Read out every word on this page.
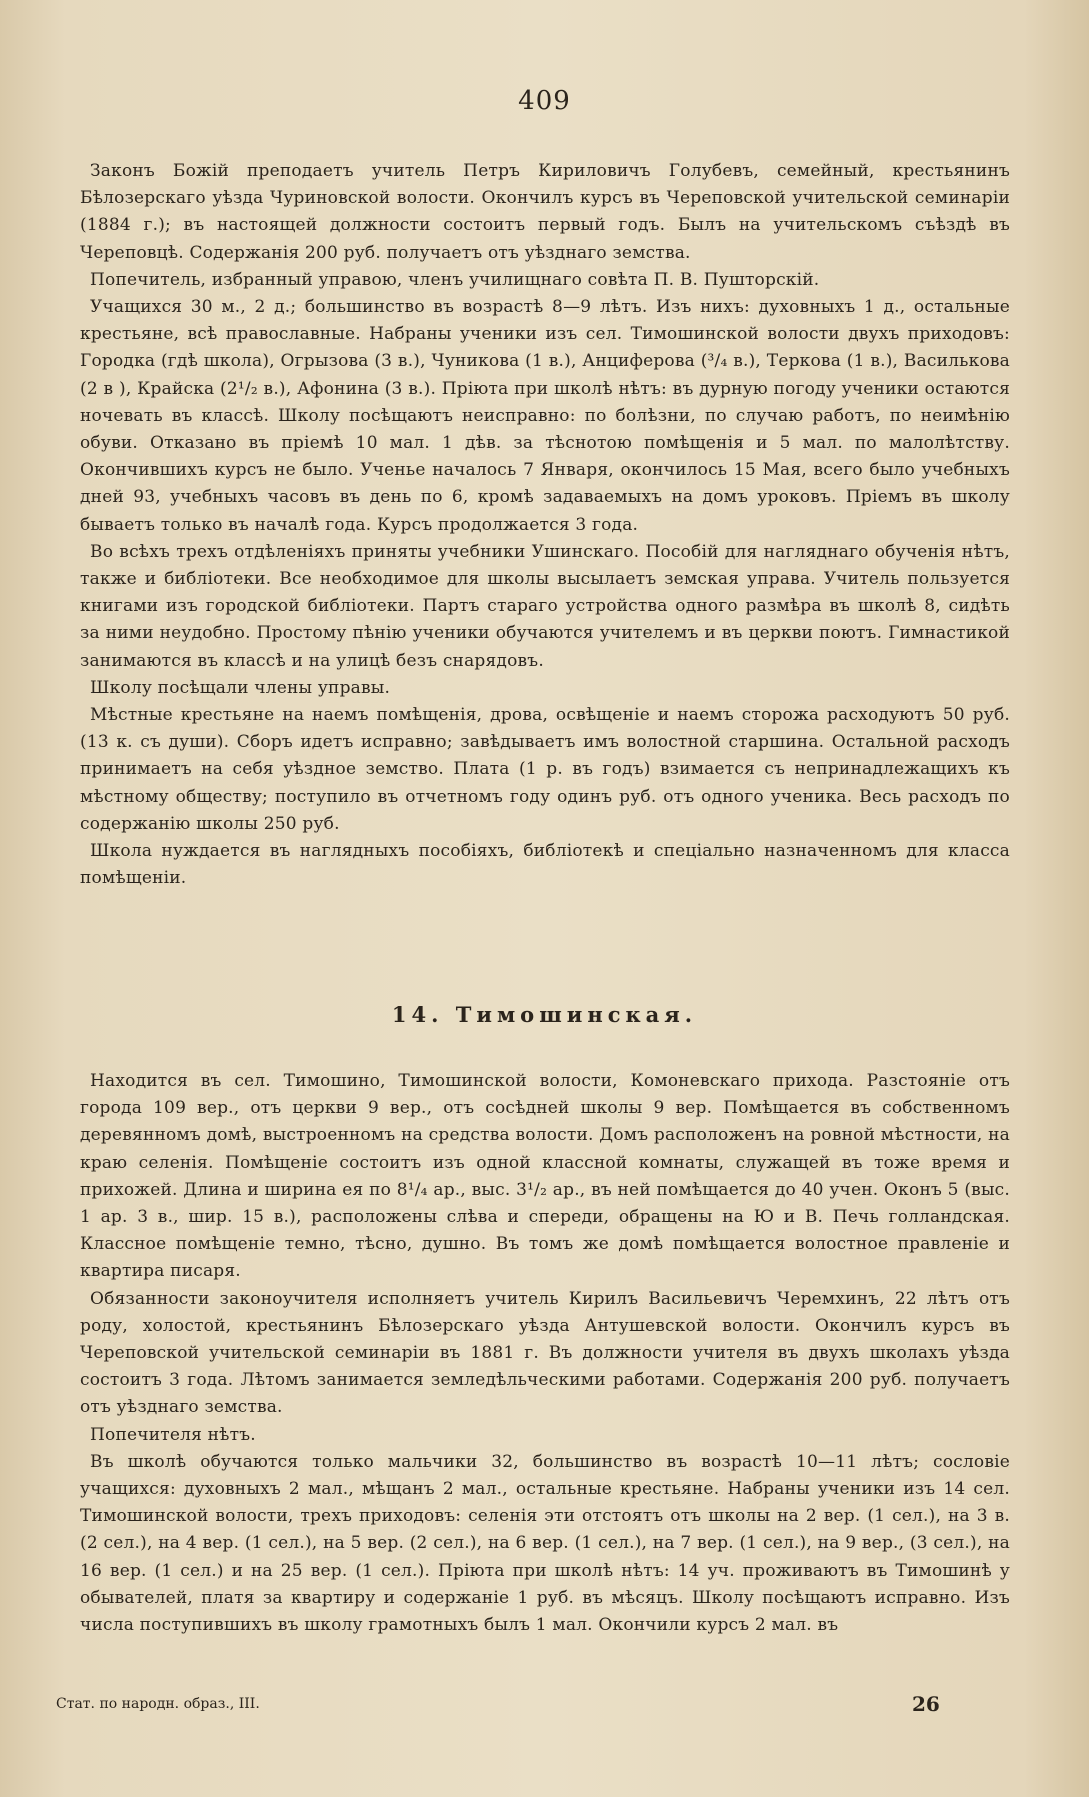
409

Законъ Божій преподаетъ учитель Петръ Кириловичъ Голубевъ, семейный, крестьянинъ Бѣлозерскаго уѣзда Чуриновской волости. Окончилъ курсъ въ Череповской учительской семинаріи (1884 г.); въ настоящей должности состоитъ первый годъ. Былъ на учительскомъ съѣздѣ въ Череповцѣ. Содержанія 200 руб. получаетъ отъ уѣзднаго земства.

Попечитель, избранный управою, членъ училищнаго совѣта П. В. Пушторскій.

Учащихся 30 м., 2 д.; большинство въ возрастѣ 8—9 лѣтъ. Изъ нихъ: духовныхъ 1 д., остальные крестьяне, всѣ православные. Набраны ученики изъ сел. Тимошинской волости двухъ приходовъ: Городка (гдѣ школа), Огрызова (3 в.), Чуникова (1 в.), Анциферова (³/₄ в.), Теркова (1 в.), Василькова (2 в ), Крайска (2¹/₂ в.), Афонина (3 в.). Пріюта при школѣ нѣтъ: въ дурную погоду ученики остаются ночевать въ классѣ. Школу посѣщаютъ неисправно: по болѣзни, по случаю работъ, по неимѣнію обуви. Отказано въ пріемѣ 10 мал. 1 дѣв. за тѣснотою помѣщенія и 5 мал. по малолѣтству. Окончившихъ курсъ не было. Ученье началось 7 Января, окончилось 15 Мая, всего было учебныхъ дней 93, учебныхъ часовъ въ день по 6, кромѣ задаваемыхъ на домъ уроковъ. Пріемъ въ школу бываетъ только въ началѣ года. Курсъ продолжается 3 года.

Во всѣхъ трехъ отдѣленіяхъ приняты учебники Ушинскаго. Пособій для нагляднаго обученія нѣтъ, также и библіотеки. Все необходимое для школы высылаетъ земская управа. Учитель пользуется книгами изъ городской библіотеки. Партъ стараго устройства одного размѣра въ школѣ 8, сидѣть за ними неудобно. Простому пѣнію ученики обучаются учителемъ и въ церкви поютъ. Гимнастикой занимаются въ классѣ и на улицѣ безъ снарядовъ.

Школу посѣщали члены управы.

Мѣстные крестьяне на наемъ помѣщенія, дрова, освѣщеніе и наемъ сторожа расходуютъ 50 руб. (13 к. съ души). Сборъ идетъ исправно; завѣдываетъ имъ волостной старшина. Остальной расходъ принимаетъ на себя уѣздное земство. Плата (1 р. въ годъ) взимается съ непринадлежащихъ къ мѣстному обществу; поступило въ отчетномъ году одинъ руб. отъ одного ученика. Весь расходъ по содержанію школы 250 руб.

Школа нуждается въ наглядныхъ пособіяхъ, библіотекѣ и спеціально назначенномъ для класса помѣщеніи.

14. Тимошинская.

Находится въ сел. Тимошино, Тимошинской волости, Комоневскаго прихода. Разстояніе отъ города 109 вер., отъ церкви 9 вер., отъ сосѣдней школы 9 вер. Помѣщается въ собственномъ деревянномъ домѣ, выстроенномъ на средства волости. Домъ расположенъ на ровной мѣстности, на краю селенія. Помѣщеніе состоитъ изъ одной классной комнаты, служащей въ тоже время и прихожей. Длина и ширина ея по 8¹/₄ ар., выс. 3¹/₂ ар., въ ней помѣщается до 40 учен. Оконъ 5 (выс. 1 ар. 3 в., шир. 15 в.), расположены слѣва и спереди, обращены на Ю и В. Печь голландская. Классное помѣщеніе темно, тѣсно, душно. Въ томъ же домѣ помѣщается волостное правленіе и квартира писаря.

Обязанности законоучителя исполняетъ учитель Кирилъ Васильевичъ Черемхинъ, 22 лѣтъ отъ роду, холостой, крестьянинъ Бѣлозерскаго уѣзда Антушевской волости. Окончилъ курсъ въ Череповской учительской семинаріи въ 1881 г. Въ должности учителя въ двухъ школахъ уѣзда состоитъ 3 года. Лѣтомъ занимается земледѣльческими работами. Содержанія 200 руб. получаетъ отъ уѣзднаго земства.

Попечителя нѣтъ.

Въ школѣ обучаются только мальчики 32, большинство въ возрастѣ 10—11 лѣтъ; сословіе учащихся: духовныхъ 2 мал., мѣщанъ 2 мал., остальные крестьяне. Набраны ученики изъ 14 сел. Тимошинской волости, трехъ приходовъ: селенія эти отстоятъ отъ школы на 2 вер. (1 сел.), на 3 в. (2 сел.), на 4 вер. (1 сел.), на 5 вер. (2 сел.), на 6 вер. (1 сел.), на 7 вер. (1 сел.), на 9 вер., (3 сел.), на 16 вер. (1 сел.) и на 25 вер. (1 сел.). Пріюта при школѣ нѣтъ: 14 уч. проживаютъ въ Тимошинѣ у обывателей, платя за квартиру и содержаніе 1 руб. въ мѣсяцъ. Школу посѣщаютъ исправно. Изъ числа поступившихъ въ школу грамотныхъ былъ 1 мал. Окончили курсъ 2 мал. въ

Стат. по народн. образ., III.	26
